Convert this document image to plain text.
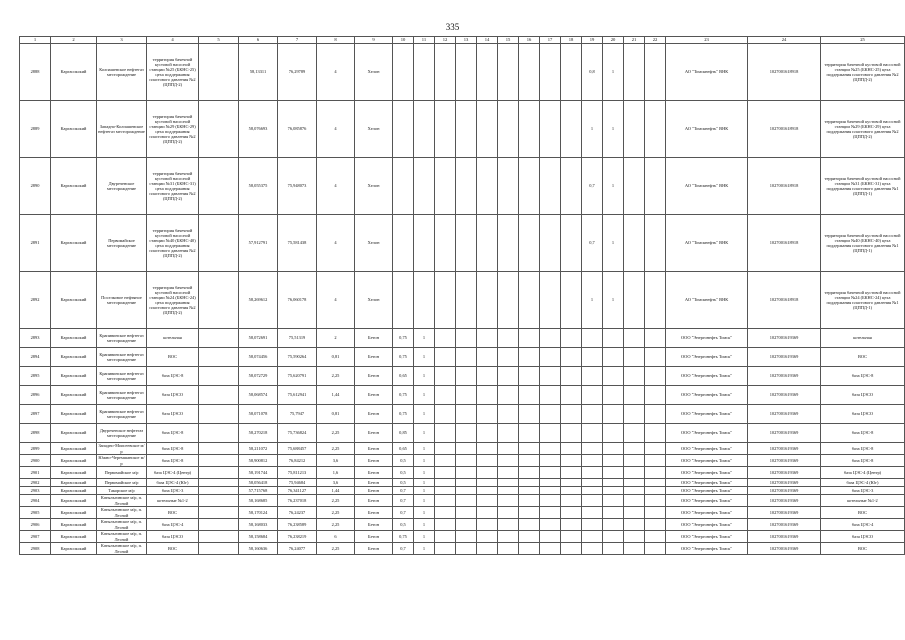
335
1	2	3	4	5	6	7	8	9	10	11	12	13	14	15	16	17	18	19	20	21	22	23	24	25
2888	Каргасокский	Колпашевское нефтегаз месторождение	территория бачечной кустовой насосной станции №25 (БКНС-25) цеха поддержания пластового давления №2 (ЦППД-2)		58,13311	76,29789	4	Хелон										0,8	1			АО "Томскнефть" ВНК	1027001618918	территория бачечной кустовой насосной станции №25 (БКНС-25) цеха поддержания пластового давления №2 (ЦППД-2)
2889	Каргасокский	Западно-Колпашевское нефтегаз месторождение	территория бачечной кустовой насосной станции №29 (БКНС-29) цеха поддержания пластового давления №2 (ЦППД-2)		58,076693	76,085876	4	Хелон										1	1			АО "Томскнефть" ВНК	1027001618918	территория бачечной кустовой насосной станции №29 (БКНС-29) цеха поддержания пластового давления №2 (ЦППД-2)
2890	Каргасокский	Двуреченское месторождение	территория бачечной кустовой насосной станции №31 (БКНС-31) цеха поддержания пластового давления №2 (ЦППД-2)		58,055375	75,948073	4	Хелон										0,7	1			АО "Томскнефть" ВНК	1027001618918	территория бачечной кустовой насосной станции №31 (БКНС-31) цеха поддержания пластового давления №1 (ЦППД-1)
2891	Каргасокский	Первомайское месторождение	территория бачечной кустовой насосной станции №40 (БКНС-40) цеха поддержания пластового давления №2 (ЦППД-2)		57,912791	75,581438	4	Хелон										0,7	1			АО "Томскнефть" ВНК	1027001618918	территория бачечной кустовой насосной станции №40 (БКНС-40) цеха поддержания пластового давления №1 (ЦППД-1)
2892	Каргасокский	Поселковое нефтяное месторождение	территория бачечной кустовой насосной станции №24 (БКНС-24) цеха поддержания пластового давления №2 (ЦППД-2)		58,269612	76,060178	4	Хелон										1	1			АО "Томскнефть" ВНК	1027001618918	территория бачечной кустовой насосной станции №24 (БКНС-24) цеха поддержания пластового давления №1 (ЦППД-1)
2893	Каргасокский	Крапивинское нефтегаз месторождение	котельная		58,072691	75,51319	2	Бетон	0,75	1												ООО "Энергонефть Томск"	1027001619369	котельная
2894	Каргасокский	Крапивинское нефтегаз месторождение	ВОС		58,074456	75,590264	0,81	Бетон	0,75	1												ООО "Энергонефть Томск"	1027001619369	ВОС
2895	Каргасокский	Крапивинское нефтегаз месторождение	база ЦЭС-8		58,072729	75,620791	2,25	Бетон	0,65	1												ООО "Энергонефть Томск"	1027001619369	база ЦЭС-8
2896	Каргасокский	Крапивинское нефтегаз месторождение	база ЦЭСО		58,068574	75,612941	1,44	Бетон	0,75	1												ООО "Энергонефть Томск"	1027001619369	база ЦЭСО
2897	Каргасокский	Крапивинское нефтегаз месторождение	база ЦЭСО		58,071078	75,7947	0,81	Бетон	0,75	1												ООО "Энергонефть Томск"	1027001619369	база ЦЭСО
2898	Каргасокский	Двуреченское нефтегаз месторождение	база ЦЭС-8		58,270218	75,736824	2,25	Бетон	0,85	1												ООО "Энергонефть Томск"	1027001619369	база ЦЭС-8
2899	Каргасокский	Западно-Моисеевское м/р	база ЦЭС-8		58,211072	75,688457	2,25	Бетон	0,65	1												ООО "Энергонефть Томск"	1027001619369	база ЦЭС-8
2900	Каргасокский	Южно-Черемшанское м/р	база ЦЭС-8		58,900812	76,84212	3,6	Бетон	0,5	1												ООО "Энергонефть Томск"	1027001619369	база ЦЭС-8
2901	Каргасокский	Первомайское м/р	база ЦЭС-4 (Центр)		58,191744	75,811213	1,6	Бетон	0,5	1												ООО "Энергонефть Томск"	1027001619369	база ЦЭС-4 (Центр)
2902	Каргасокский	Первомайское м/р	база ЦЭС-4 (Юг)		58,056418	75,94684	3,6	Бетон	0,5	1												ООО "Энергонефть Томск"	1027001619369	база ЦЭС-4 (Юг)
2903	Каргасокский	Такорское м/р	база ЦЭС-3		57,715768	76,341127	1,44	Бетон	0,7	1												ООО "Энергонефть Томск"	1027001619369	база ЦЭС-3
2904	Каргасокский	Катыльгинское м/р, п. Лесной	котельные №1-2		58,168685	76,237018	2,25	Бетон	0,7	1												ООО "Энергонефть Томск"	1027001619369	котельные №1-2
2905	Каргасокский	Катыльгинское м/р, п. Лесной	ВОС		58,170124	76,24237	2,25	Бетон	0,7	1												ООО "Энергонефть Томск"	1027001619369	ВОС
2906	Каргасокский	Катыльгинское м/р, п. Лесной	база ЦЭС-4		58,168033	76,238589	2,25	Бетон	0,5	1												ООО "Энергонефть Томск"	1027001619369	база ЦЭС-4
2907	Каргасокский	Катыльгинское м/р, п. Лесной	база ЦЭСО		58,158684	76,238219	6	Бетон	0,75	1												ООО "Энергонефть Томск"	1027001619369	база ЦЭСО
2908	Каргасокский	Катыльгинское м/р, п. Лесной	ВОС		58,160636	76,24077	2,25	Бетон	0,7	1												ООО "Энергонефть Томск"	1027001619369	ВОС
